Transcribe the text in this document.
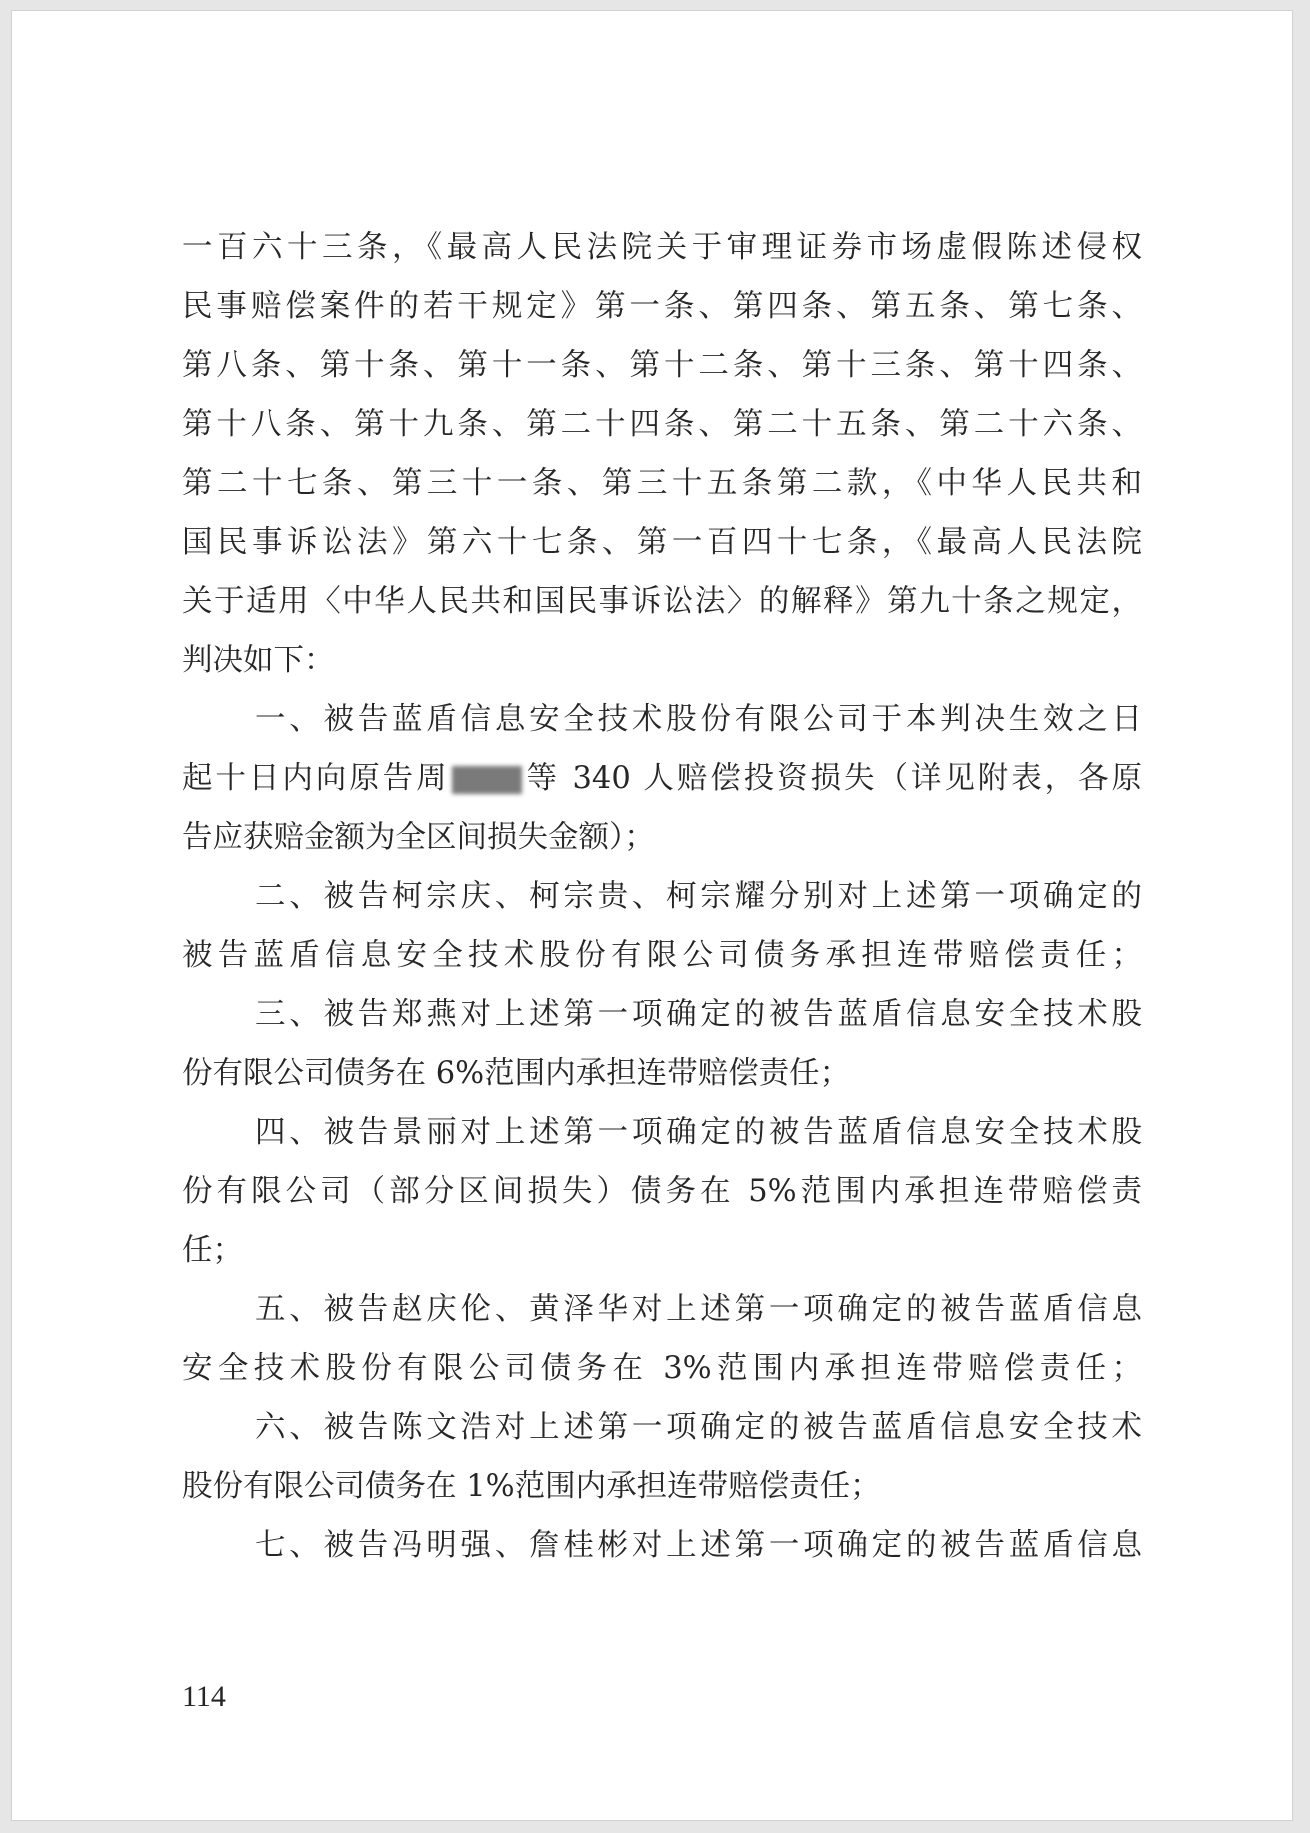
一百六十三条，《最高人民法院关于审理证券市场虚假陈述侵权
民事赔偿案件的若干规定》第一条、第四条、第五条、第七条、
第八条、第十条、第十一条、第十二条、第十三条、第十四条、
第十八条、第十九条、第二十四条、第二十五条、第二十六条、
第二十七条、第三十一条、第三十五条第二款，《中华人民共和
国民事诉讼法》第六十七条、第一百四十七条，《最高人民法院
关于适用〈中华人民共和国民事诉讼法〉的解释》第九十条之规定，
判决如下：
一、被告蓝盾信息安全技术股份有限公司于本判决生效之日
起十日内向原告周 等 340 人赔偿投资损失（详见附表，各原
告应获赔金额为全区间损失金额）；
二、被告柯宗庆、柯宗贵、柯宗耀分别对上述第一项确定的
被告蓝盾信息安全技术股份有限公司债务承担连带赔偿责任；
三、被告郑燕对上述第一项确定的被告蓝盾信息安全技术股
份有限公司债务在 6%范围内承担连带赔偿责任；
四、被告景丽对上述第一项确定的被告蓝盾信息安全技术股
份有限公司（部分区间损失）债务在 5%范围内承担连带赔偿责
任；
五、被告赵庆伦、黄泽华对上述第一项确定的被告蓝盾信息
安全技术股份有限公司债务在 3%范围内承担连带赔偿责任；
六、被告陈文浩对上述第一项确定的被告蓝盾信息安全技术
股份有限公司债务在 1%范围内承担连带赔偿责任；
七、被告冯明强、詹桂彬对上述第一项确定的被告蓝盾信息
114
